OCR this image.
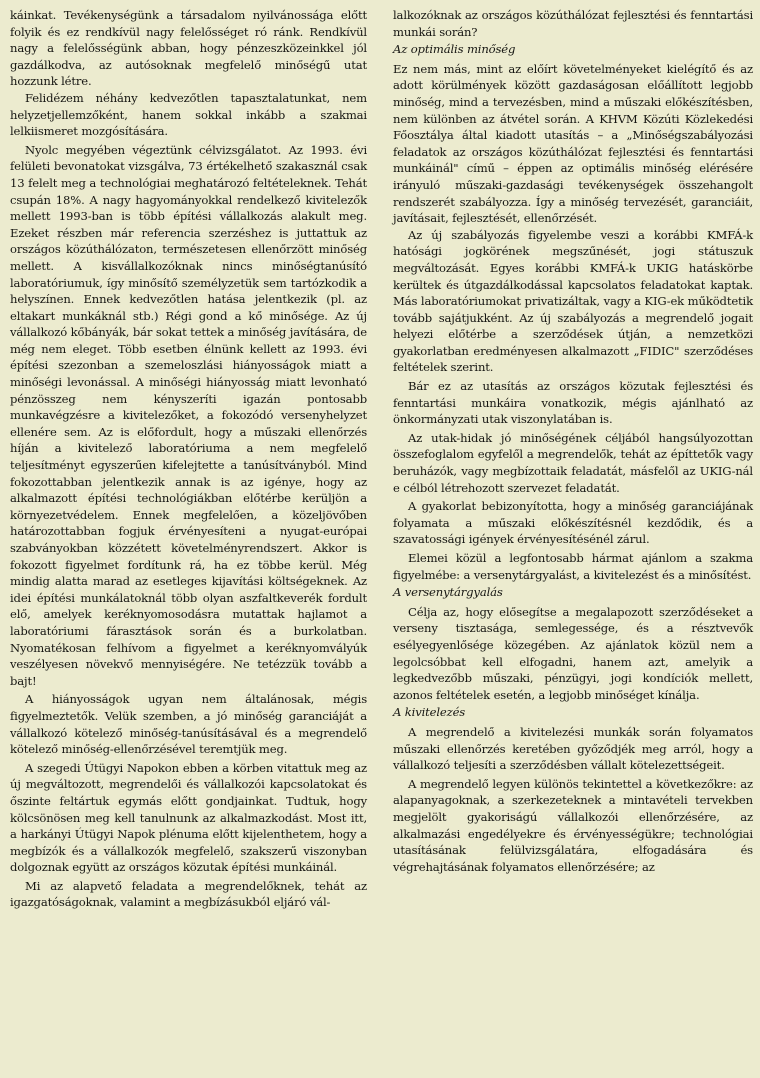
káinkat. Tevékenységünk a társadalom nyilvánossága előtt folyik és ez rendkívül nagy felelősséget ró ránk. Rendkívül nagy a felelősségünk abban, hogy pénzeszközeinkkel jól gazdálkodva, az autósoknak megfelelő minőségű utat hozzunk létre.

Felidézem néhány kedvezőtlen tapasztalatunkat, nem helyzetjellemzőként, hanem sokkal inkább a szakmai lelkiismeret mozgósítására.

Nyolc megyében végeztünk célvizsgálatot. Az 1993. évi felületi bevonatokat vizsgálva, 73 értékelhető szakasznál csak 13 felelt meg a technológiai meghatározó feltételeknek. Tehát csupán 18%. A nagy hagyományokkal rendelkező kivitelezők mellett 1993-ban is több építési vállalkozás alakult meg. Ezeket részben már referencia szerzéshez is juttattuk az országos közúthálózaton, természetesen ellenőrzött minőség mellett. A kisvállalkozóknak nincs minőségtanúsító laboratóriumuk, így minősítő személyzetük sem tartózkodik a helyszínen. Ennek kedvezőtlen hatása jelentkezik (pl. az eltakart munkáknál stb.) Régi gond a kő minősége. Az új vállalkozó kőbányák, bár sokat tettek a minőség javítására, de még nem eleget. Több esetben élnünk kellett az 1993. évi építési szezonban a szemeloszlási hiányosságok miatt a minőségi levonással. A minőségi hiányosság miatt levonható pénzösszeg nem kényszeríti igazán pontosabb munkavégzésre a kivitelezőket, a fokozódó versenyhelyzet ellenére sem. Az is előfordult, hogy a műszaki ellenőrzés híján a kivitelező laboratóriuma a nem megfelelő teljesítményt egyszerűen kifelejtette a tanúsítványból. Mind fokozottabban jelentkezik annak is az igénye, hogy az alkalmazott építési technológiákban előtérbe kerüljön a környezetvédelem. Ennek megfelelően, a közeljövőben határozottabban fogjuk érvényesíteni a nyugat-európai szabványokban közzétett követelményrendszert. Akkor is fokozott figyelmet fordítunk rá, ha ez többe kerül. Még mindig alatta marad az esetleges kijavítási költségeknek. Az idei építési munkálatoknál több olyan aszfaltkeverék fordult elő, amelyek keréknyomosodásra mutattak hajlamot a laboratóriumi fárasztások során és a burkolatban. Nyomatékosan felhívom a figyelmet a keréknyomvályúk veszélyesen növekvő mennyiségére. Ne tetézzük tovább a bajt!

A hiányosságok ugyan nem általánosak, mégis figyelmeztetők. Velük szemben, a jó minőség garanciáját a vállalkozó kötelező minőség-tanúsításával és a megrendelő kötelező minőség-ellenőrzésével teremtjük meg.

A szegedi Útügyi Napokon ebben a körben vitattuk meg az új megváltozott, megrendelői és vállalkozói kapcsolatokat és őszinte feltártuk egymás előtt gondjainkat. Tudtuk, hogy kölcsönösen meg kell tanulnunk az alkalmazkodást. Most itt, a harkányi Útügyi Napok plénuma előtt kijelenthetem, hogy a megbízók és a vállalkozók megfelelő, szakszerű viszonyban dolgoznak együtt az országos közutak építési munkáinál.

Mi az alapvető feladata a megrendelőknek, tehát az igazgatóságoknak, valamint a megbízásukból eljáró vál-

lalkozóknak az országos közúthálózat fejlesztési és fenntartási munkái során?

Az optimális minőség

Ez nem más, mint az előírt követelményeket kielégítő és az adott körülmények között gazdaságosan előállított legjobb minőség, mind a tervezésben, mind a műszaki előkészítésben, nem különben az átvétel során. A KHVM Közúti Közlekedési Főosztálya által kiadott utasítás – a „Minőségszabályozási feladatok az országos közúthálózat fejlesztési és fenntartási munkáinál" című – éppen az optimális minőség elérésére irányuló műszaki-gazdasági tevékenységek összehangolt rendszerét szabályozza. Így a minőség tervezését, garanciáit, javításait, fejlesztését, ellenőrzését.

Az új szabályozás figyelembe veszi a korábbi KMFÁ-k hatósági jogkörének megszűnését, jogi státuszuk megváltozását. Egyes korábbi KMFÁ-k UKIG hatáskörbe kerültek és útgazdálkodással kapcsolatos feladatokat kaptak. Más laboratóriumokat privatizáltak, vagy a KIG-ek működtetik tovább sajátjukként. Az új szabályozás a megrendelő jogait helyezi előtérbe a szerződések útján, a nemzetközi gyakorlatban eredményesen alkalmazott „FIDIC" szerződéses feltételek szerint.

Bár ez az utasítás az országos közutak fejlesztési és fenntartási munkáira vonatkozik, mégis ajánlható az önkormányzati utak viszonylatában is.

Az utak-hidak jó minőségének céljából hangsúlyozottan összefoglalom egyfelől a megrendelők, tehát az építtetők vagy beruházók, vagy megbízottaik feladatát, másfelől az UKIG-nál e célból létrehozott szervezet feladatát.

A gyakorlat bebizonyította, hogy a minőség garanciájának folyamata a műszaki előkészítésnél kezdődik, és a szavatossági igények érvényesítésénél zárul.

Elemei közül a legfontosabb hármat ajánlom a szakma figyelmébe: a versenytárgyalást, a kivitelezést és a minősítést.

A versenytárgyalás

Célja az, hogy elősegítse a megalapozott szerződéseket a verseny tisztasága, semlegessége, és a résztvevők esélyegyenlősége közegében. Az ajánlatok közül nem a legolcsóbbat kell elfogadni, hanem azt, amelyik a legkedvezőbb műszaki, pénzügyi, jogi kondíciók mellett, azonos feltételek esetén, a legjobb minőséget kínálja.

A kivitelezés

A megrendelő a kivitelezési munkák során folyamatos műszaki ellenőrzés keretében győződjék meg arról, hogy a vállalkozó teljesíti a szerződésben vállalt kötelezettségeit.

A megrendelő legyen különös tekintettel a következőkre: az alapanyagoknak, a szerkezeteknek a mintavételi tervekben megjelölt gyakoriságú vállalkozói ellenőrzésére, az alkalmazási engedélyekre és érvényességükre; technológiai utasításának felülvizsgálatára, elfogadására és végrehajtásának folyamatos ellenőrzésére; az
